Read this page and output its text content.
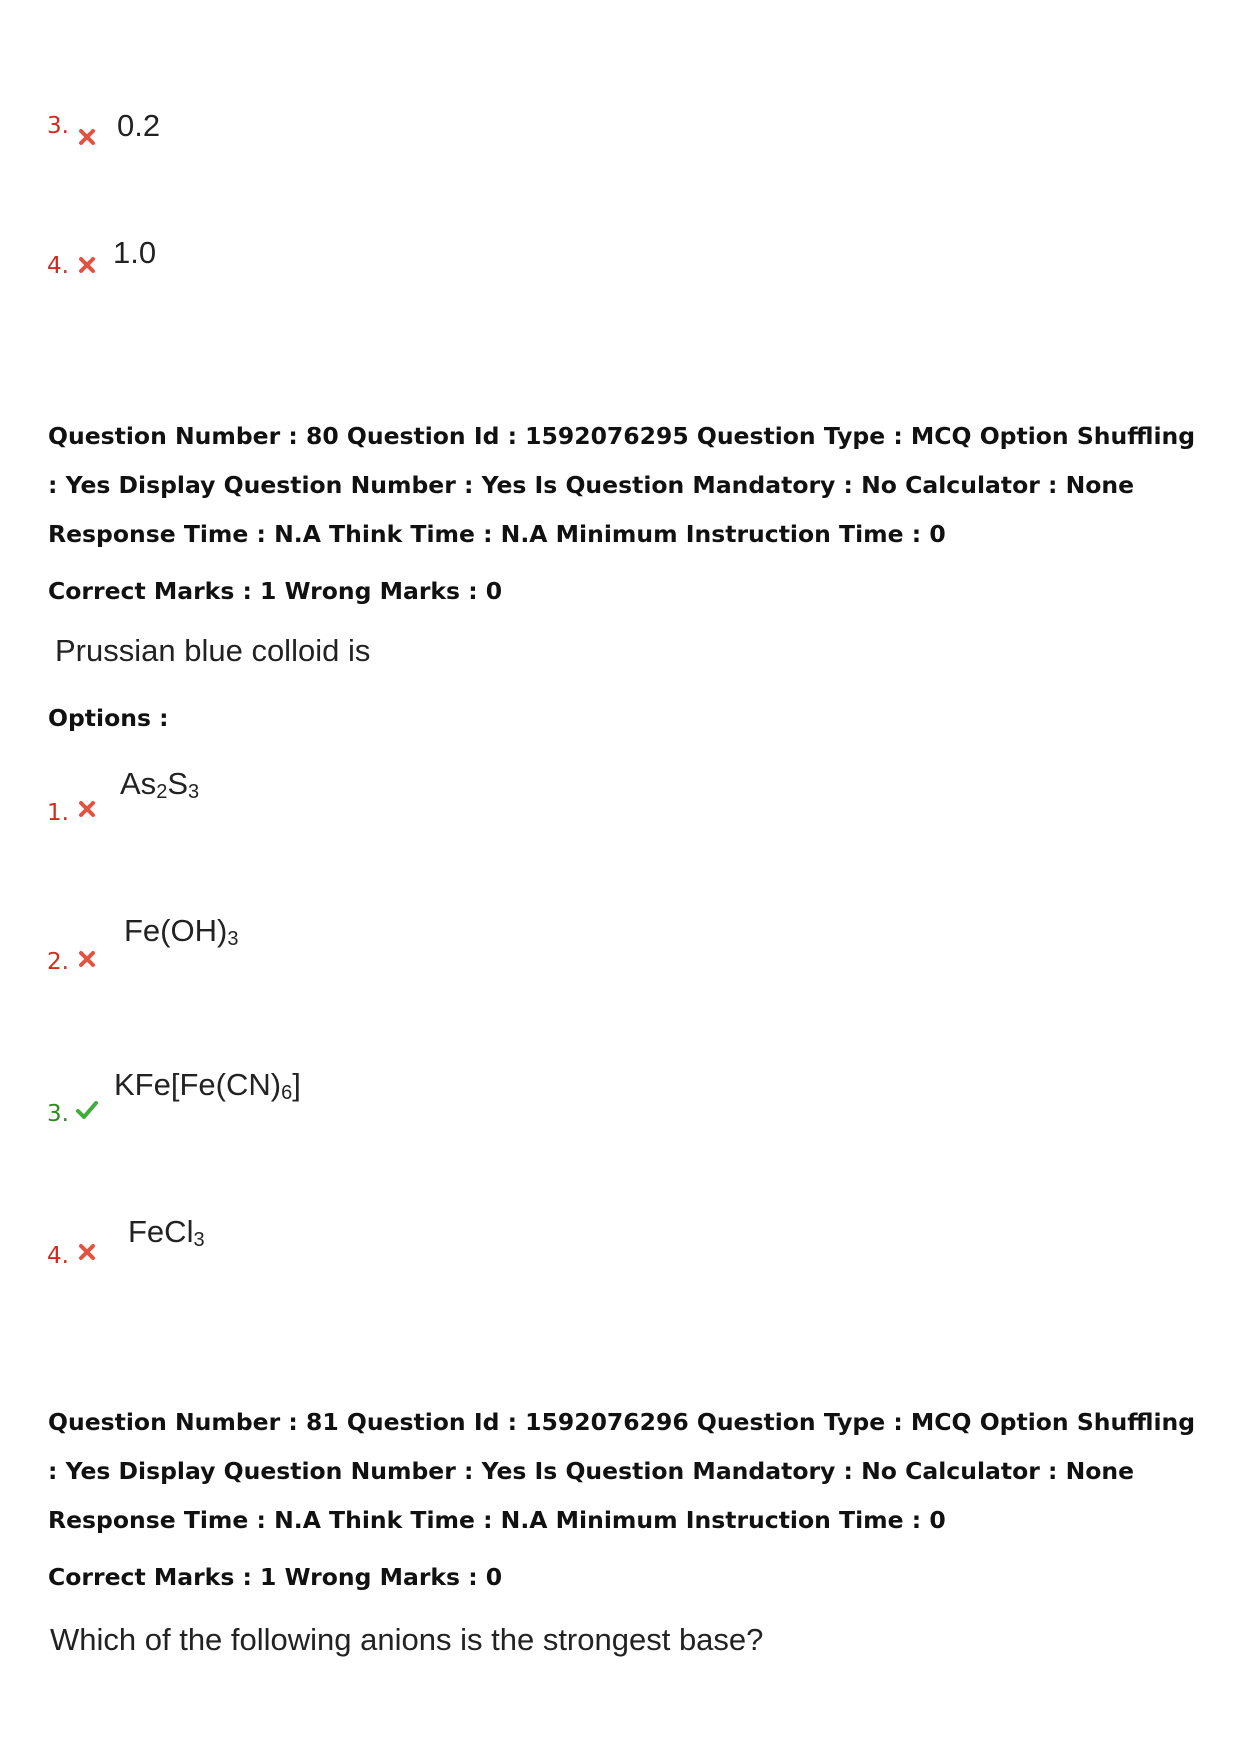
3. 0.2
4. 1.0
Question Number : 80 Question Id : 1592076295 Question Type : MCQ Option Shuffling : Yes Display Question Number : Yes Is Question Mandatory : No Calculator : None Response Time : N.A Think Time : N.A Minimum Instruction Time : 0
Correct Marks : 1 Wrong Marks : 0
Prussian blue colloid is
Options :
1.
$As_2S_3$
2.
$Fe(OH)_3$
3.
$KFe[Fe(CN)_6]$
4.
FeCl$_3$
Question Number : 81 Question Id : 1592076296 Question Type : MCQ Option Shuffling : Yes Display Question Number : Yes Is Question Mandatory : No Calculator : None Response Time : N.A Think Time : N.A Minimum Instruction Time : 0
Correct Marks : 1 Wrong Marks : 0
Which of the following anions is the strongest base?
